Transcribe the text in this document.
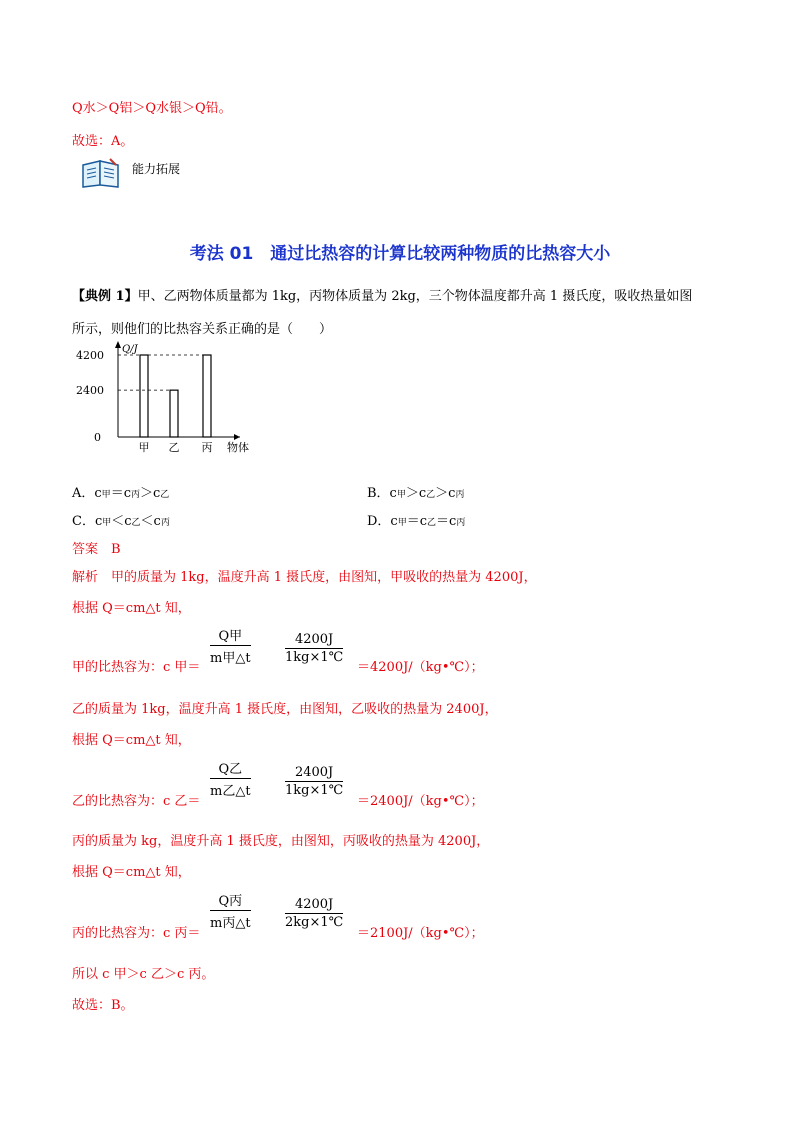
Q水＞Q铝＞Q水银＞Q铅。
故选：A。
能力拓展
考法 01　通过比热容的计算比较两种物质的比热容大小
【典例 1】甲、乙两物体质量都为 1kg，丙物体质量为 2kg，三个物体温度都升高 1 摄氏度，吸收热量如图
所示，则他们的比热容关系正确的是（　　）
Q/J
物体
4200
2400
0
甲 乙 丙
A．c甲＝c丙＞c乙	B．c甲＞c乙＞c丙
C．c甲＜c乙＜c丙	D．c甲＝c乙＝c丙
答案　B
解析　甲的质量为 1kg，温度升高 1 摄氏度，由图知，甲吸收的热量为 4200J，
根据 Q＝cm△t 知，
甲的比热容为：c 甲＝
Q甲
m甲△t	$\frac{4200J}{1kg\times 1℃}$
＝4200J/（kg•℃）；
乙的质量为 1kg，温度升高 1 摄氏度，由图知，乙吸收的热量为 2400J，
根据 Q＝cm△t 知，
乙的比热容为：c 乙＝
Q乙
m乙△t	$\frac{2400J}{1kg\times 1℃}$
＝2400J/（kg•℃）；
丙的质量为 kg，温度升高 1 摄氏度，由图知，丙吸收的热量为 4200J，
根据 Q＝cm△t 知，
丙的比热容为：c 丙＝
Q丙
m丙△t	$\frac{4200J}{2kg\times 1℃}$
＝2100J/（kg•℃）；
所以 c 甲＞c 乙＞c 丙。
故选：B。
